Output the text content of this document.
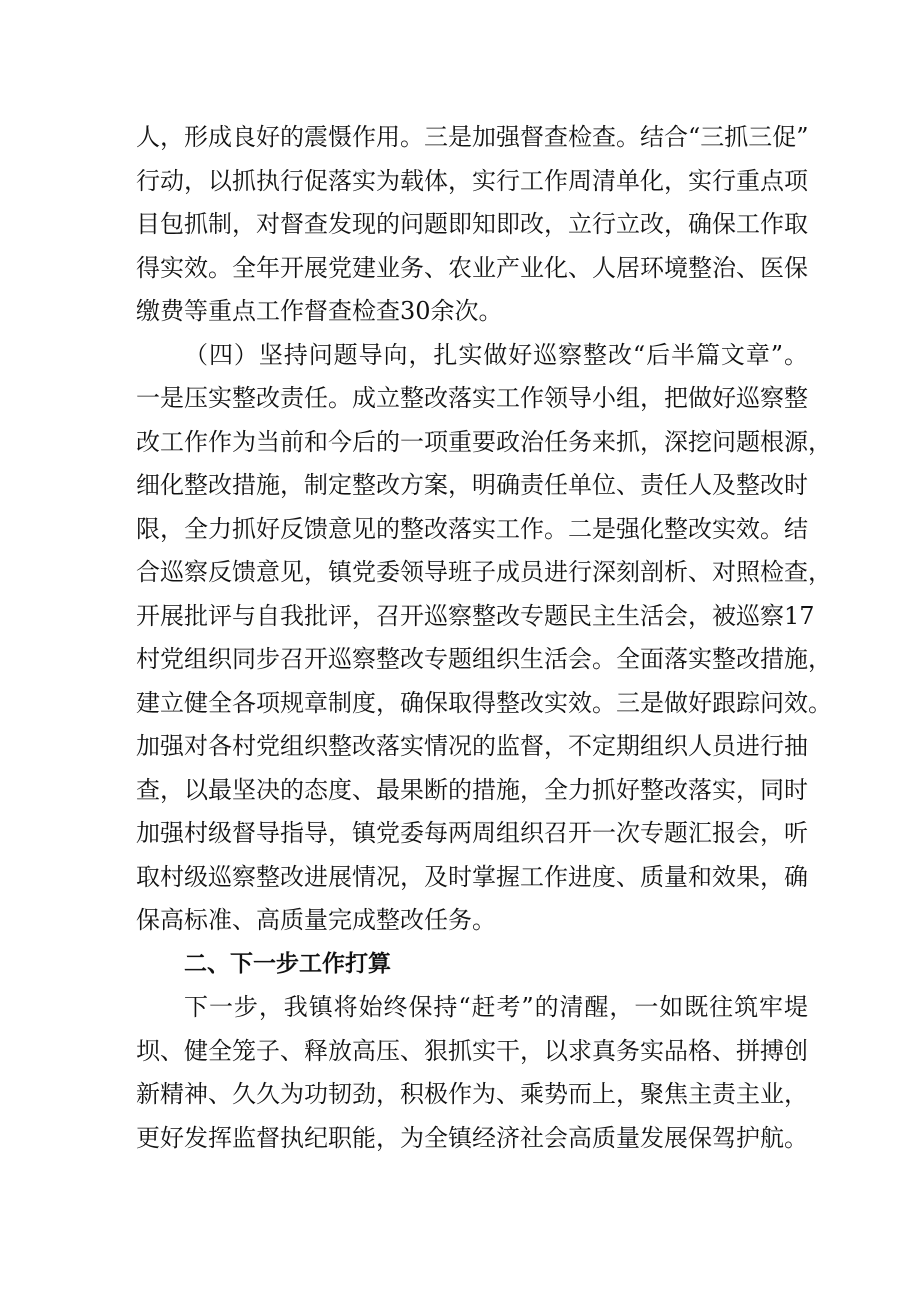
人，形成良好的震慑作用。三是加强督查检查。结合“三抓三促”
行动，以抓执行促落实为载体，实行工作周清单化，实行重点项
目包抓制，对督查发现的问题即知即改，立行立改，确保工作取
得实效。全年开展党建业务、农业产业化、人居环境整治、医保
缴费等重点工作督查检查30余次。

（四）坚持问题导向，扎实做好巡察整改“后半篇文章”。
一是压实整改责任。成立整改落实工作领导小组，把做好巡察整
改工作作为当前和今后的一项重要政治任务来抓，深挖问题根源，
细化整改措施，制定整改方案，明确责任单位、责任人及整改时
限，全力抓好反馈意见的整改落实工作。二是强化整改实效。结
合巡察反馈意见，镇党委领导班子成员进行深刻剖析、对照检查，
开展批评与自我批评，召开巡察整改专题民主生活会，被巡察17
村党组织同步召开巡察整改专题组织生活会。全面落实整改措施，
建立健全各项规章制度，确保取得整改实效。三是做好跟踪问效。
加强对各村党组织整改落实情况的监督，不定期组织人员进行抽
查，以最坚决的态度、最果断的措施，全力抓好整改落实，同时
加强村级督导指导，镇党委每两周组织召开一次专题汇报会，听
取村级巡察整改进展情况，及时掌握工作进度、质量和效果，确
保高标准、高质量完成整改任务。

二、下一步工作打算

下一步，我镇将始终保持“赶考”的清醒，一如既往筑牢堤
坝、健全笼子、释放高压、狠抓实干，以求真务实品格、拼搏创
新精神、久久为功韧劲，积极作为、乘势而上，聚焦主责主业，
更好发挥监督执纪职能，为全镇经济社会高质量发展保驾护航。
